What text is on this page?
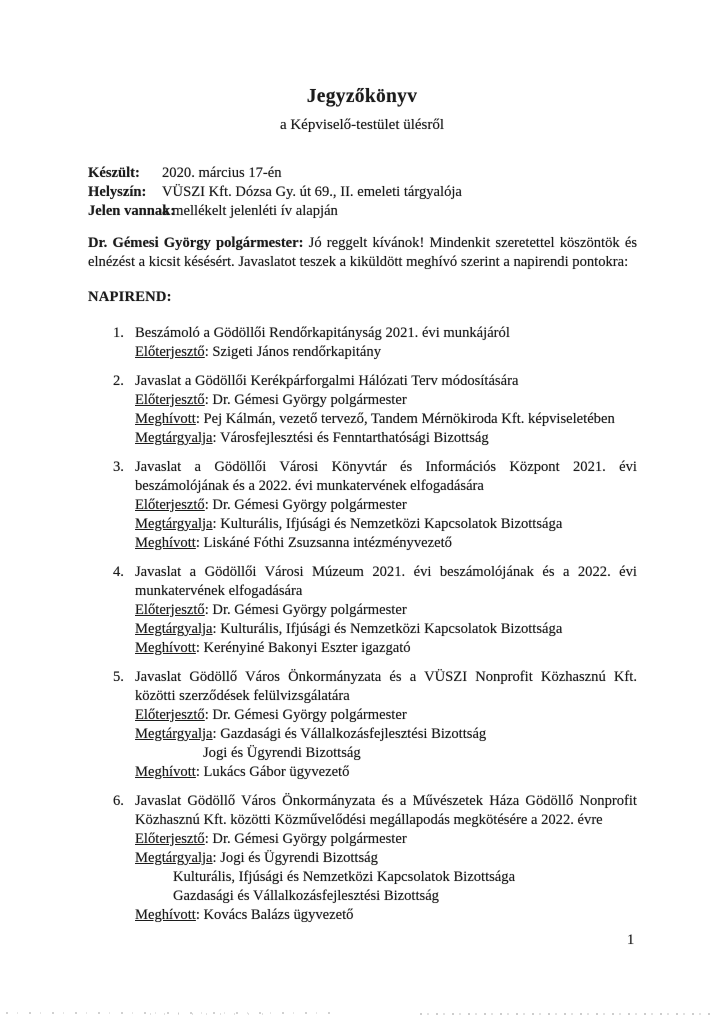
Jegyzőkönyv
a Képviselő-testület ülésről
Készült:	2020. március 17-én
Helyszín:	VÜSZI Kft. Dózsa Gy. út 69., II. emeleti tárgyalója
Jelen vannak:
a mellékelt jelenléti ív alapján
Dr. Gémesi György polgármester: Jó reggelt kívánok! Mindenkit szeretettel köszöntök és elnézést a kicsit késésért. Javaslatot teszek a kiküldött meghívó szerint a napirendi pontokra:
NAPIREND:
1. Beszámoló a Gödöllői Rendőrkapitányság 2021. évi munkájáról
Előterjesztő: Szigeti János rendőrkapitány
2. Javaslat a Gödöllői Kerékpárforgalmi Hálózati Terv módosítására
Előterjesztő: Dr. Gémesi György polgármester
Meghívott: Pej Kálmán, vezető tervező, Tandem Mérnökiroda Kft. képviseletében
Megtárgyalja: Városfejlesztési és Fenntarthatósági Bizottság
3. Javaslat a Gödöllői Városi Könyvtár és Információs Központ 2021. évi beszámolójának és a 2022. évi munkatervének elfogadására
Előterjesztő: Dr. Gémesi György polgármester
Megtárgyalja: Kulturális, Ifjúsági és Nemzetközi Kapcsolatok Bizottsága
Meghívott: Liskáné Fóthi Zsuzsanna intézményvezető
4. Javaslat a Gödöllői Városi Múzeum 2021. évi beszámolójának és a 2022. évi munkatervének elfogadására
Előterjesztő: Dr. Gémesi György polgármester
Megtárgyalja: Kulturális, Ifjúsági és Nemzetközi Kapcsolatok Bizottsága
Meghívott: Kerényiné Bakonyi Eszter igazgató
5. Javaslat Gödöllő Város Önkormányzata és a VÜSZI Nonprofit Közhasznú Kft. közötti szerződések felülvizsgálatára
Előterjesztő: Dr. Gémesi György polgármester
Megtárgyalja: Gazdasági és Vállalkozásfejlesztési Bizottság
Jogi és Ügyrendi Bizottság
Meghívott: Lukács Gábor ügyvezető
6. Javaslat Gödöllő Város Önkormányzata és a Művészetek Háza Gödöllő Nonprofit Közhasznú Kft. közötti Közművelődési megállapodás megkötésére a 2022. évre
Előterjesztő: Dr. Gémesi György polgármester
Megtárgyalja: Jogi és Ügyrendi Bizottság
Kulturális, Ifjúsági és Nemzetközi Kapcsolatok Bizottsága
Gazdasági és Vállalkozásfejlesztési Bizottság
Meghívott: Kovács Balázs ügyvezető
1
